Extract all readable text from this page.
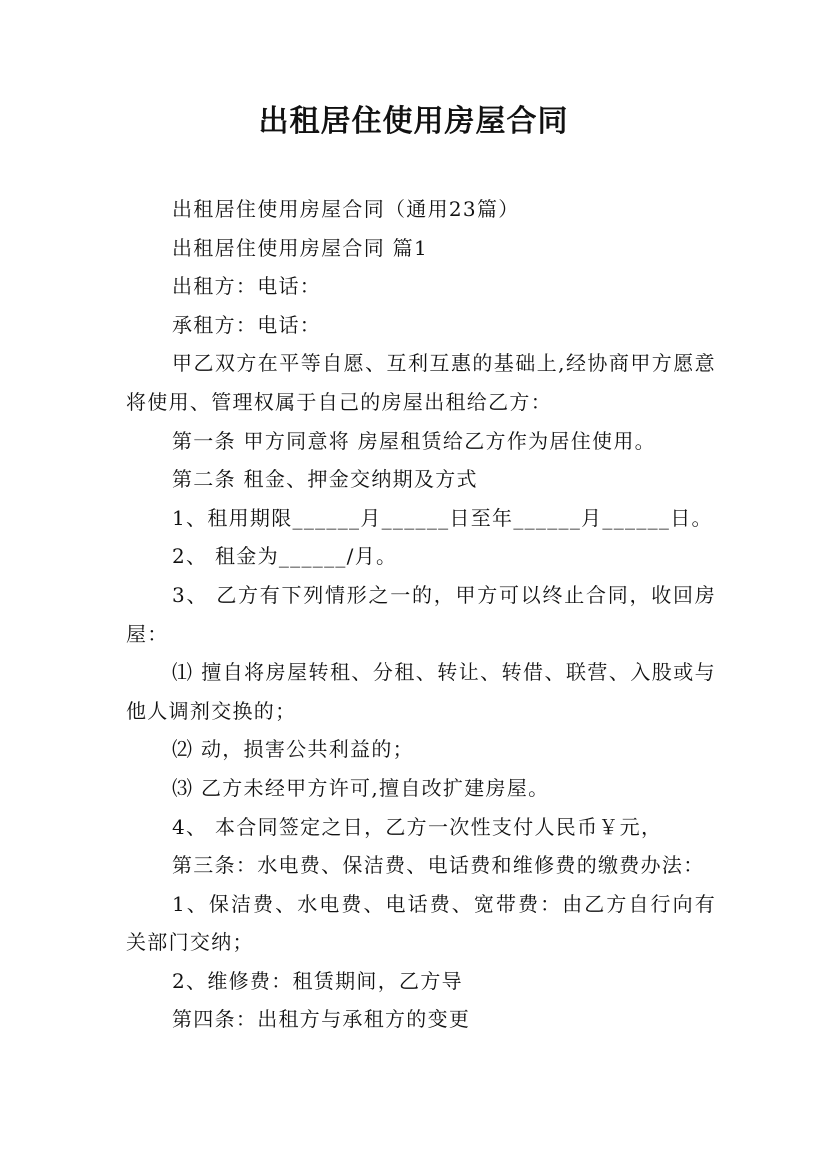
出租居住使用房屋合同
出租居住使用房屋合同（通用23篇）
出租居住使用房屋合同 篇1
出租方：电话：
承租方：电话：
甲乙双方在平等自愿、互利互惠的基础上,经协商甲方愿意将使用、管理权属于自己的房屋出租给乙方：
第一条 甲方同意将 房屋租赁给乙方作为居住使用。
第二条 租金、押金交纳期及方式
1、租用期限______月______日至年______月______日。
2、 租金为______/月。
3、 乙方有下列情形之一的，甲方可以终止合同，收回房屋：
⑴ 擅自将房屋转租、分租、转让、转借、联营、入股或与他人调剂交换的；
⑵ 动，损害公共利益的；
⑶ 乙方未经甲方许可,擅自改扩建房屋。
4、 本合同签定之日，乙方一次性支付人民币￥元，
第三条：水电费、保洁费、电话费和维修费的缴费办法：
1、保洁费、水电费、电话费、宽带费：由乙方自行向有关部门交纳；
2、维修费：租赁期间，乙方导
第四条：出租方与承租方的变更
